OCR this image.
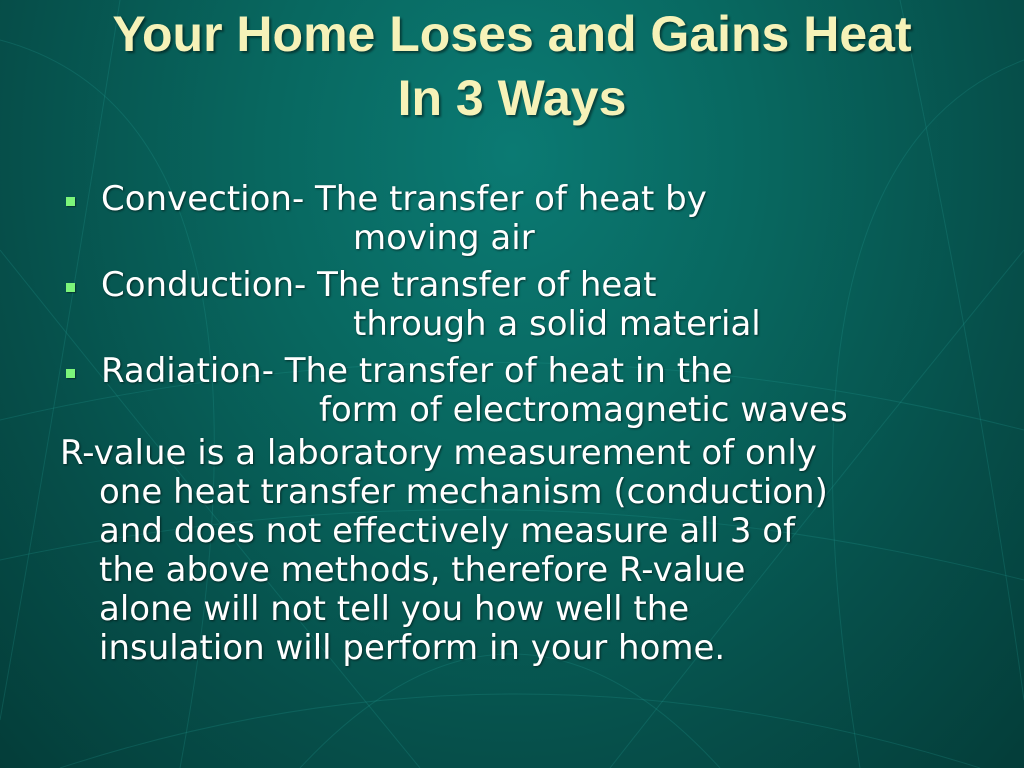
Your Home Loses and Gains Heat
In 3 Ways
Convection- The transfer of heat by
moving air
Conduction- The transfer of heat
through a solid material
Radiation- The transfer of heat in the
form of electromagnetic waves
R-value is a laboratory measurement of only
one heat transfer mechanism (conduction)
and does not effectively measure all 3 of
the above methods, therefore R-value
alone will not tell you how well the
insulation will perform in your home.
